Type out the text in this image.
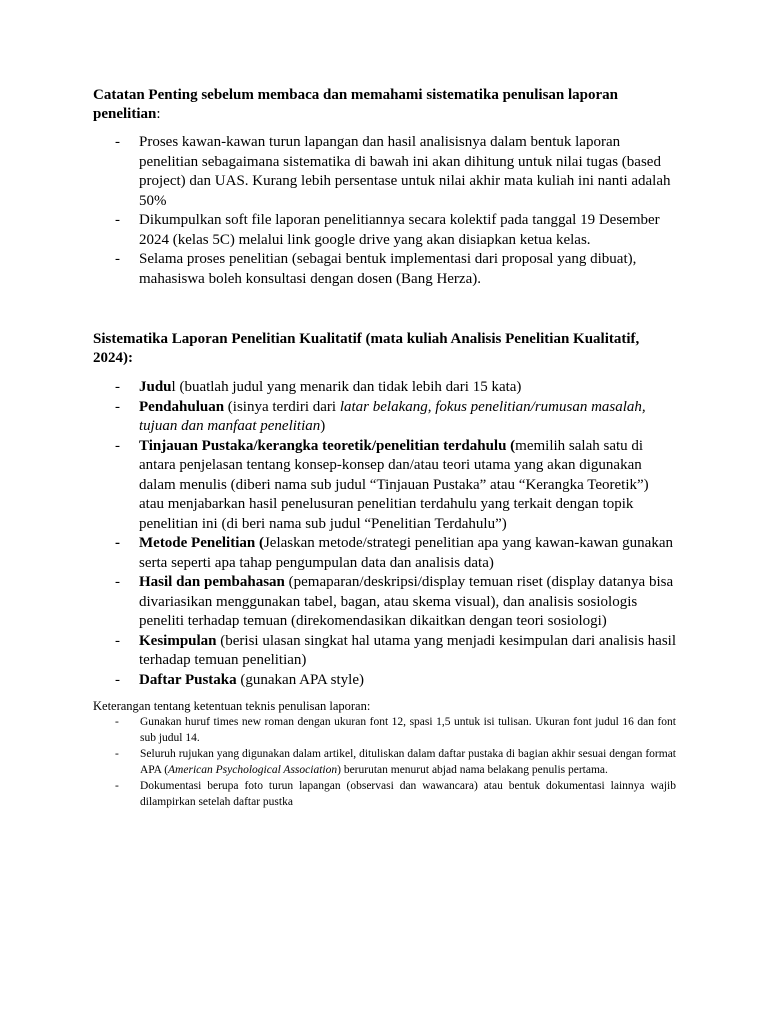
Catatan Penting sebelum membaca dan memahami sistematika penulisan laporan penelitian:

- Proses kawan-kawan turun lapangan dan hasil analisisnya dalam bentuk laporan penelitian sebagaimana sistematika di bawah ini akan dihitung untuk nilai tugas (based project) dan UAS. Kurang lebih persentase untuk nilai akhir mata kuliah ini nanti adalah 50%
- Dikumpulkan soft file laporan penelitiannya secara kolektif pada tanggal 19 Desember 2024 (kelas 5C) melalui link google drive yang akan disiapkan ketua kelas.
- Selama proses penelitian (sebagai bentuk implementasi dari proposal yang dibuat), mahasiswa boleh konsultasi dengan dosen (Bang Herza).

Sistematika Laporan Penelitian Kualitatif (mata kuliah Analisis Penelitian Kualitatif, 2024):

- Judul (buatlah judul yang menarik dan tidak lebih dari 15 kata)
- Pendahuluan (isinya terdiri dari latar belakang, fokus penelitian/rumusan masalah, tujuan dan manfaat penelitian)
- Tinjauan Pustaka/kerangka teoretik/penelitian terdahulu (memilih salah satu di antara penjelasan tentang konsep-konsep dan/atau teori utama yang akan digunakan dalam menulis (diberi nama sub judul “Tinjauan Pustaka” atau “Kerangka Teoretik”) atau menjabarkan hasil penelusuran penelitian terdahulu yang terkait dengan topik penelitian ini (di beri nama sub judul “Penelitian Terdahulu”)
- Metode Penelitian (Jelaskan metode/strategi penelitian apa yang kawan-kawan gunakan serta seperti apa tahap pengumpulan data dan analisis data)
- Hasil dan pembahasan (pemaparan/deskripsi/display temuan riset (display datanya bisa divariasikan menggunakan tabel, bagan, atau skema visual), dan analisis sosiologis peneliti terhadap temuan (direkomendasikan dikaitkan dengan teori sosiologi)
- Kesimpulan (berisi ulasan singkat hal utama yang menjadi kesimpulan dari analisis hasil terhadap temuan penelitian)
- Daftar Pustaka (gunakan APA style)
Keterangan tentang ketentuan teknis penulisan laporan:
- Gunakan huruf times new roman dengan ukuran font 12, spasi 1,5 untuk isi tulisan. Ukuran font judul 16 dan font sub judul 14.
- Seluruh rujukan yang digunakan dalam artikel, dituliskan dalam daftar pustaka di bagian akhir sesuai dengan format APA (American Psychological Association) berurutan menurut abjad nama belakang penulis pertama.
- Dokumentasi berupa foto turun lapangan (observasi dan wawancara) atau bentuk dokumentasi lainnya wajib dilampirkan setelah daftar pustka
